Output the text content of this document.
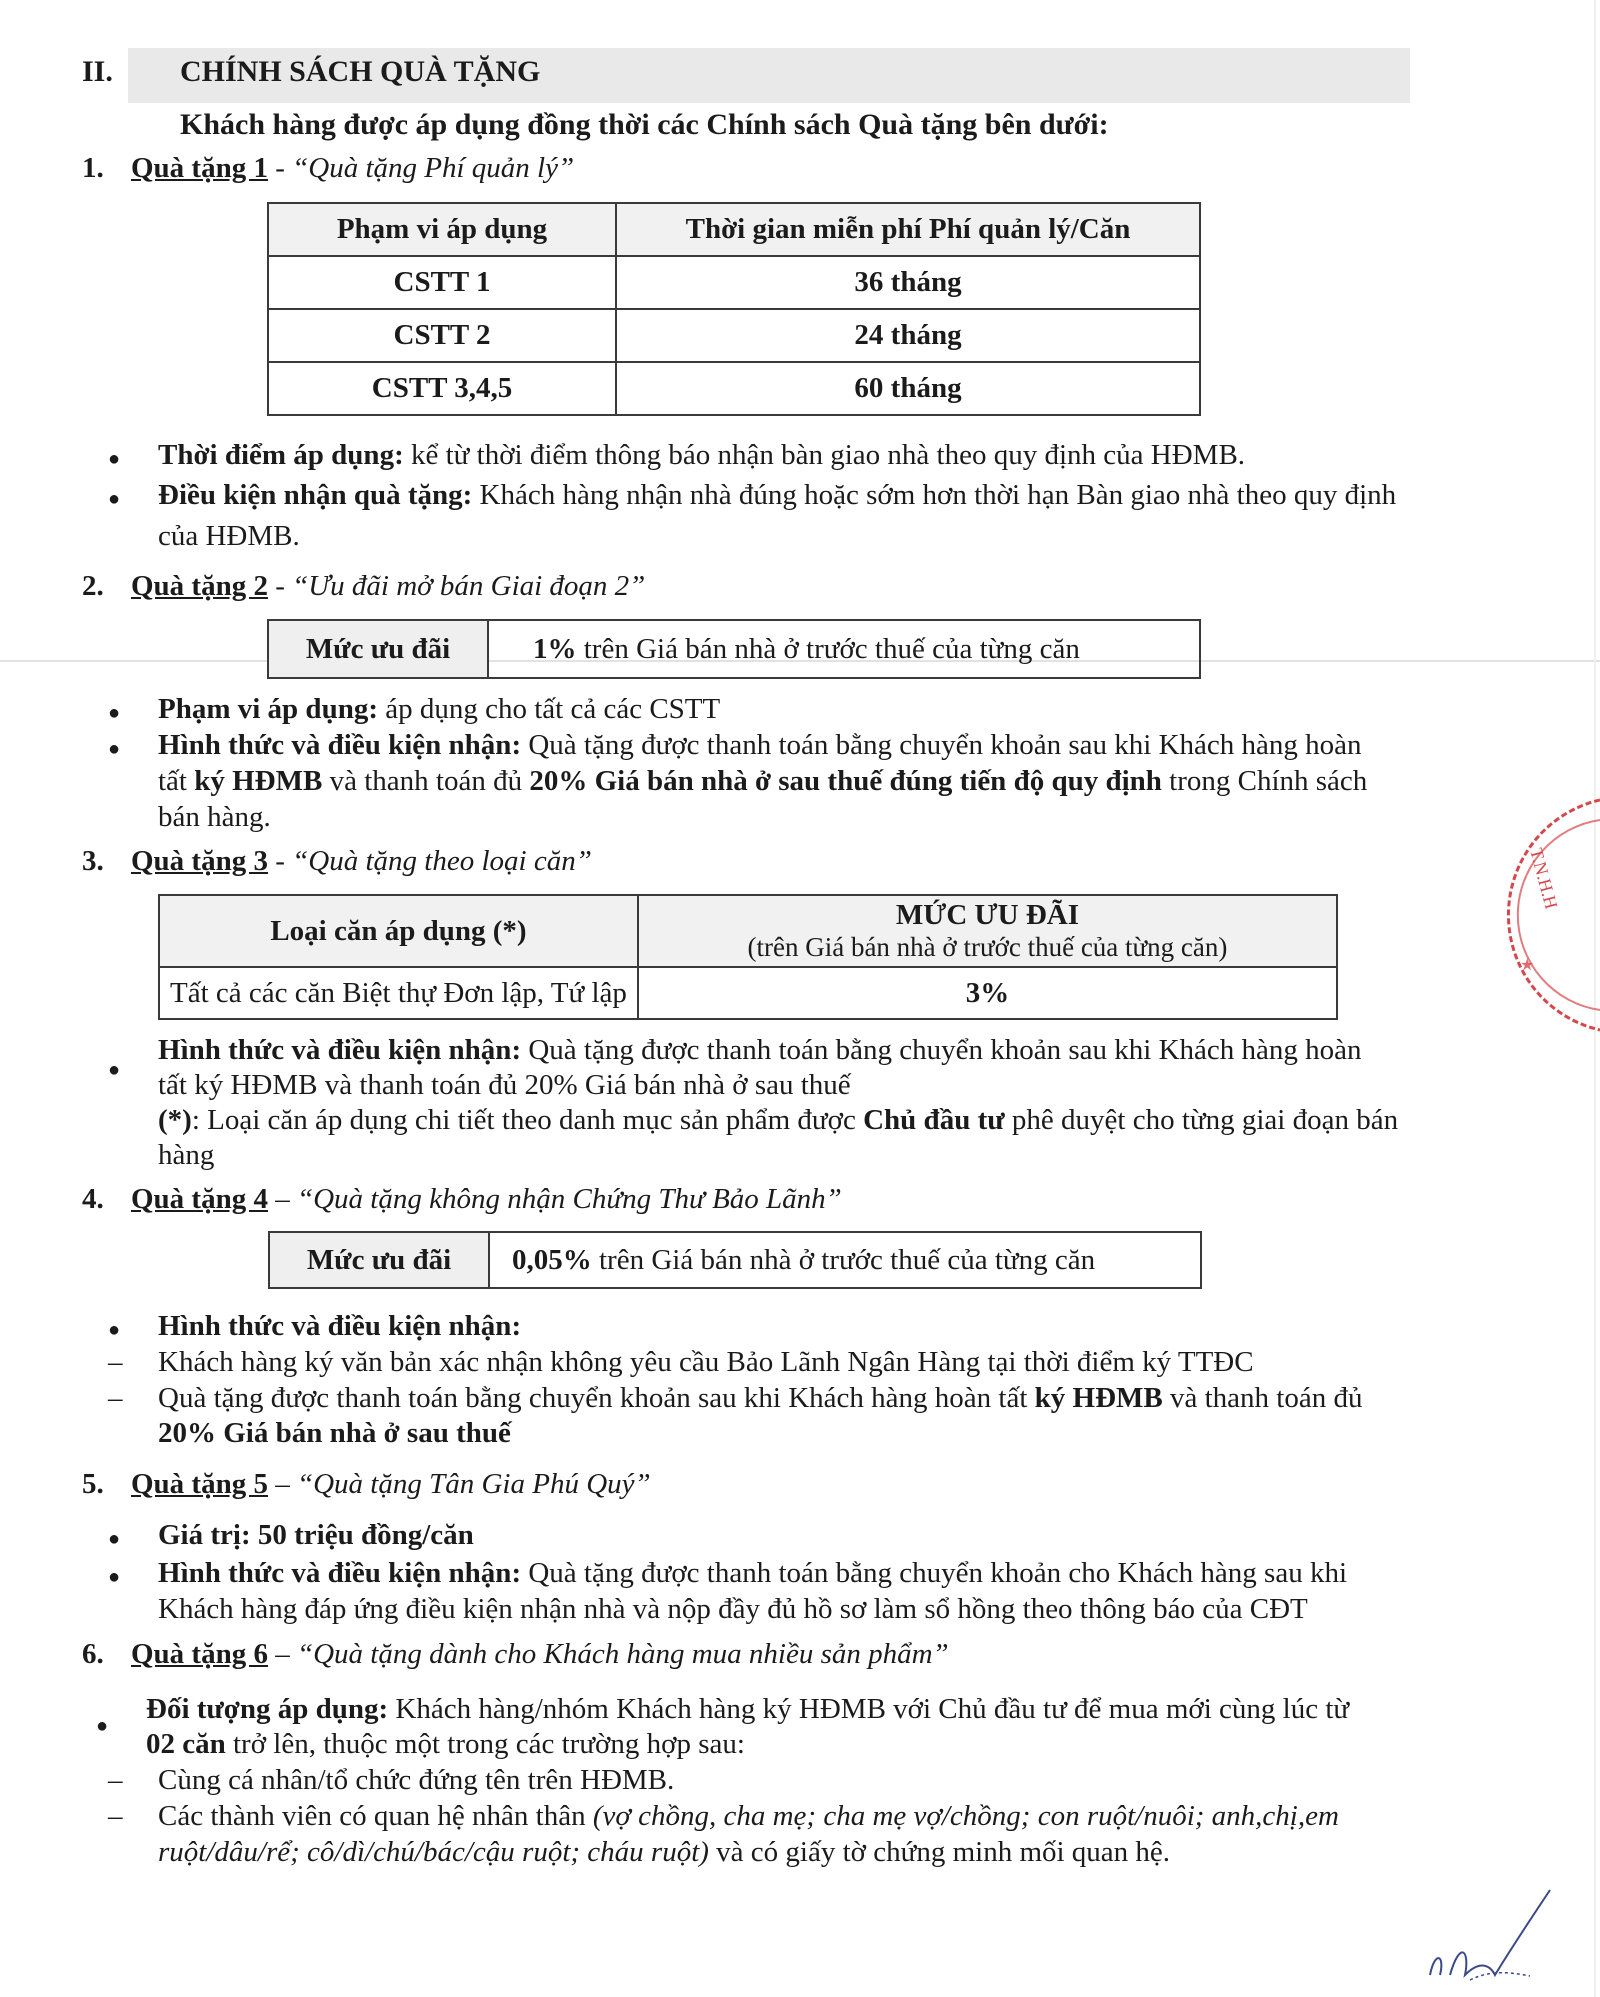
II. CHÍNH SÁCH QUÀ TẶNG
Khách hàng được áp dụng đồng thời các Chính sách Quà tặng bên dưới:
1. Quà tặng 1 - “Quà tặng Phí quản lý”
Phạm vi áp dụng	Thời gian miễn phí Phí quản lý/Căn
CSTT 1	36 tháng
CSTT 2	24 tháng
CSTT 3,4,5	60 tháng
● Thời điểm áp dụng: kể từ thời điểm thông báo nhận bàn giao nhà theo quy định của HĐMB.
● Điều kiện nhận quà tặng: Khách hàng nhận nhà đúng hoặc sớm hơn thời hạn Bàn giao nhà theo quy định
của HĐMB.
2. Quà tặng 2 - “Ưu đãi mở bán Giai đoạn 2”
Mức ưu đãi	1% trên Giá bán nhà ở trước thuế của từng căn
● Phạm vi áp dụng: áp dụng cho tất cả các CSTT
● Hình thức và điều kiện nhận: Quà tặng được thanh toán bằng chuyển khoản sau khi Khách hàng hoàn
tất ký HĐMB và thanh toán đủ 20% Giá bán nhà ở sau thuế đúng tiến độ quy định trong Chính sách
bán hàng.
3. Quà tặng 3 - “Quà tặng theo loại căn”
Loại căn áp dụng (*)	MỨC ƯU ĐÃI
(trên Giá bán nhà ở trước thuế của từng căn)

Tất cả các căn Biệt thự Đơn lập, Tứ lập	3%
●
Hình thức và điều kiện nhận: Quà tặng được thanh toán bằng chuyển khoản sau khi Khách hàng hoàn
tất ký HĐMB và thanh toán đủ 20% Giá bán nhà ở sau thuế
(*): Loại căn áp dụng chi tiết theo danh mục sản phẩm được Chủ đầu tư phê duyệt cho từng giai đoạn bán
hàng
4. Quà tặng 4 – “Quà tặng không nhận Chứng Thư Bảo Lãnh”
Mức ưu đãi	0,05% trên Giá bán nhà ở trước thuế của từng căn
● Hình thức và điều kiện nhận:
– Khách hàng ký văn bản xác nhận không yêu cầu Bảo Lãnh Ngân Hàng tại thời điểm ký TTĐC
– Quà tặng được thanh toán bằng chuyển khoản sau khi Khách hàng hoàn tất ký HĐMB và thanh toán đủ
20% Giá bán nhà ở sau thuế
5. Quà tặng 5 – “Quà tặng Tân Gia Phú Quý”
● Giá trị: 50 triệu đồng/căn
● Hình thức và điều kiện nhận: Quà tặng được thanh toán bằng chuyển khoản cho Khách hàng sau khi
Khách hàng đáp ứng điều kiện nhận nhà và nộp đầy đủ hồ sơ làm sổ hồng theo thông báo của CĐT
6. Quà tặng 6 – “Quà tặng dành cho Khách hàng mua nhiều sản phẩm”
●
Đối tượng áp dụng: Khách hàng/nhóm Khách hàng ký HĐMB với Chủ đầu tư để mua mới cùng lúc từ
02 căn trở lên, thuộc một trong các trường hợp sau:
– Cùng cá nhân/tổ chức đứng tên trên HĐMB.
– Các thành viên có quan hệ nhân thân (vợ chồng, cha mẹ; cha mẹ vợ/chồng; con ruột/nuôi; anh,chị,em
ruột/dâu/rể; cô/dì/chú/bác/cậu ruột; cháu ruột) và có giấy tờ chứng minh mối quan hệ.
T.N.H.H
★
